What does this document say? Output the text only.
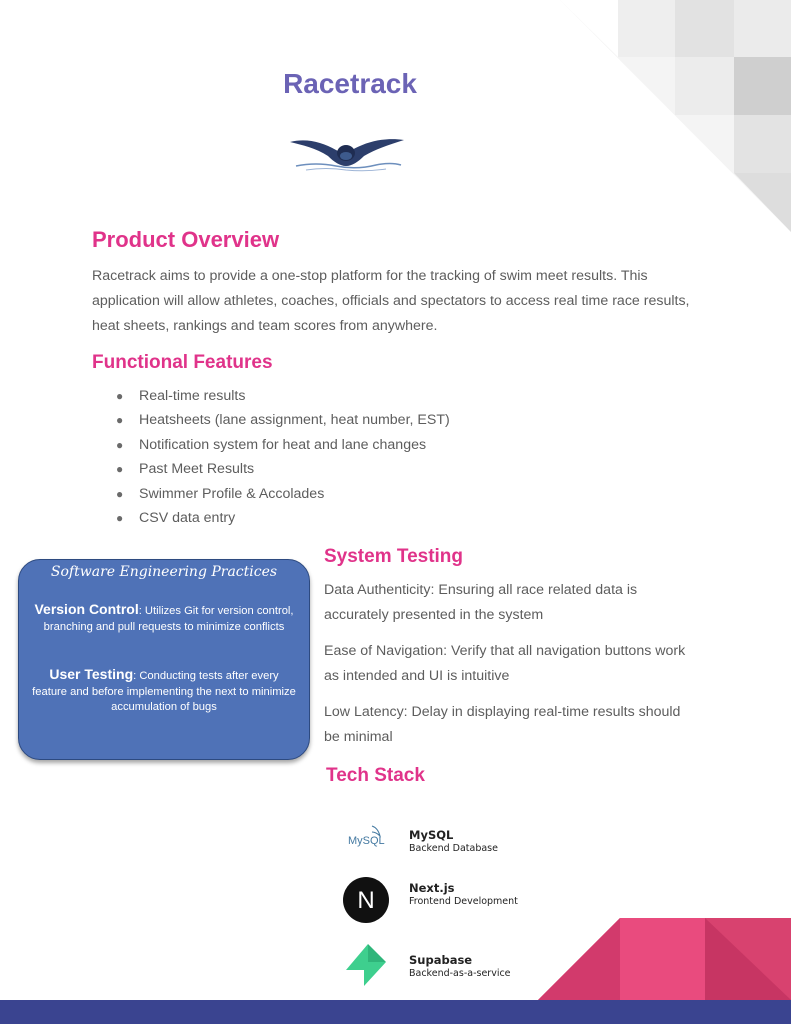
Racetrack
Product Overview
Racetrack aims to provide a one-stop platform for the tracking of swim meet results. This
application will allow athletes, coaches, officials and spectators to access real time race results,
heat sheets, rankings and team scores from anywhere.
Functional Features
● Real-time results
● Heatsheets (lane assignment, heat number, EST)
● Notification system for heat and lane changes
● Past Meet Results
● Swimmer Profile & Accolades
● CSV data entry
Software Engineering Practices
Version Control: Utilizes Git for version control, branching and pull requests to minimize conflicts
User Testing: Conducting tests after every feature and before implementing the next to minimize accumulation of bugs
System Testing
Data Authenticity: Ensuring all race related data is
accurately presented in the system
Ease of Navigation: Verify that all navigation buttons work
as intended and UI is intuitive
Low Latency: Delay in displaying real-time results should
be minimal
Tech Stack
MySQL MySQL
Backend Database
N	Next.js
Frontend Development
Supabase
Backend-as-a-service
